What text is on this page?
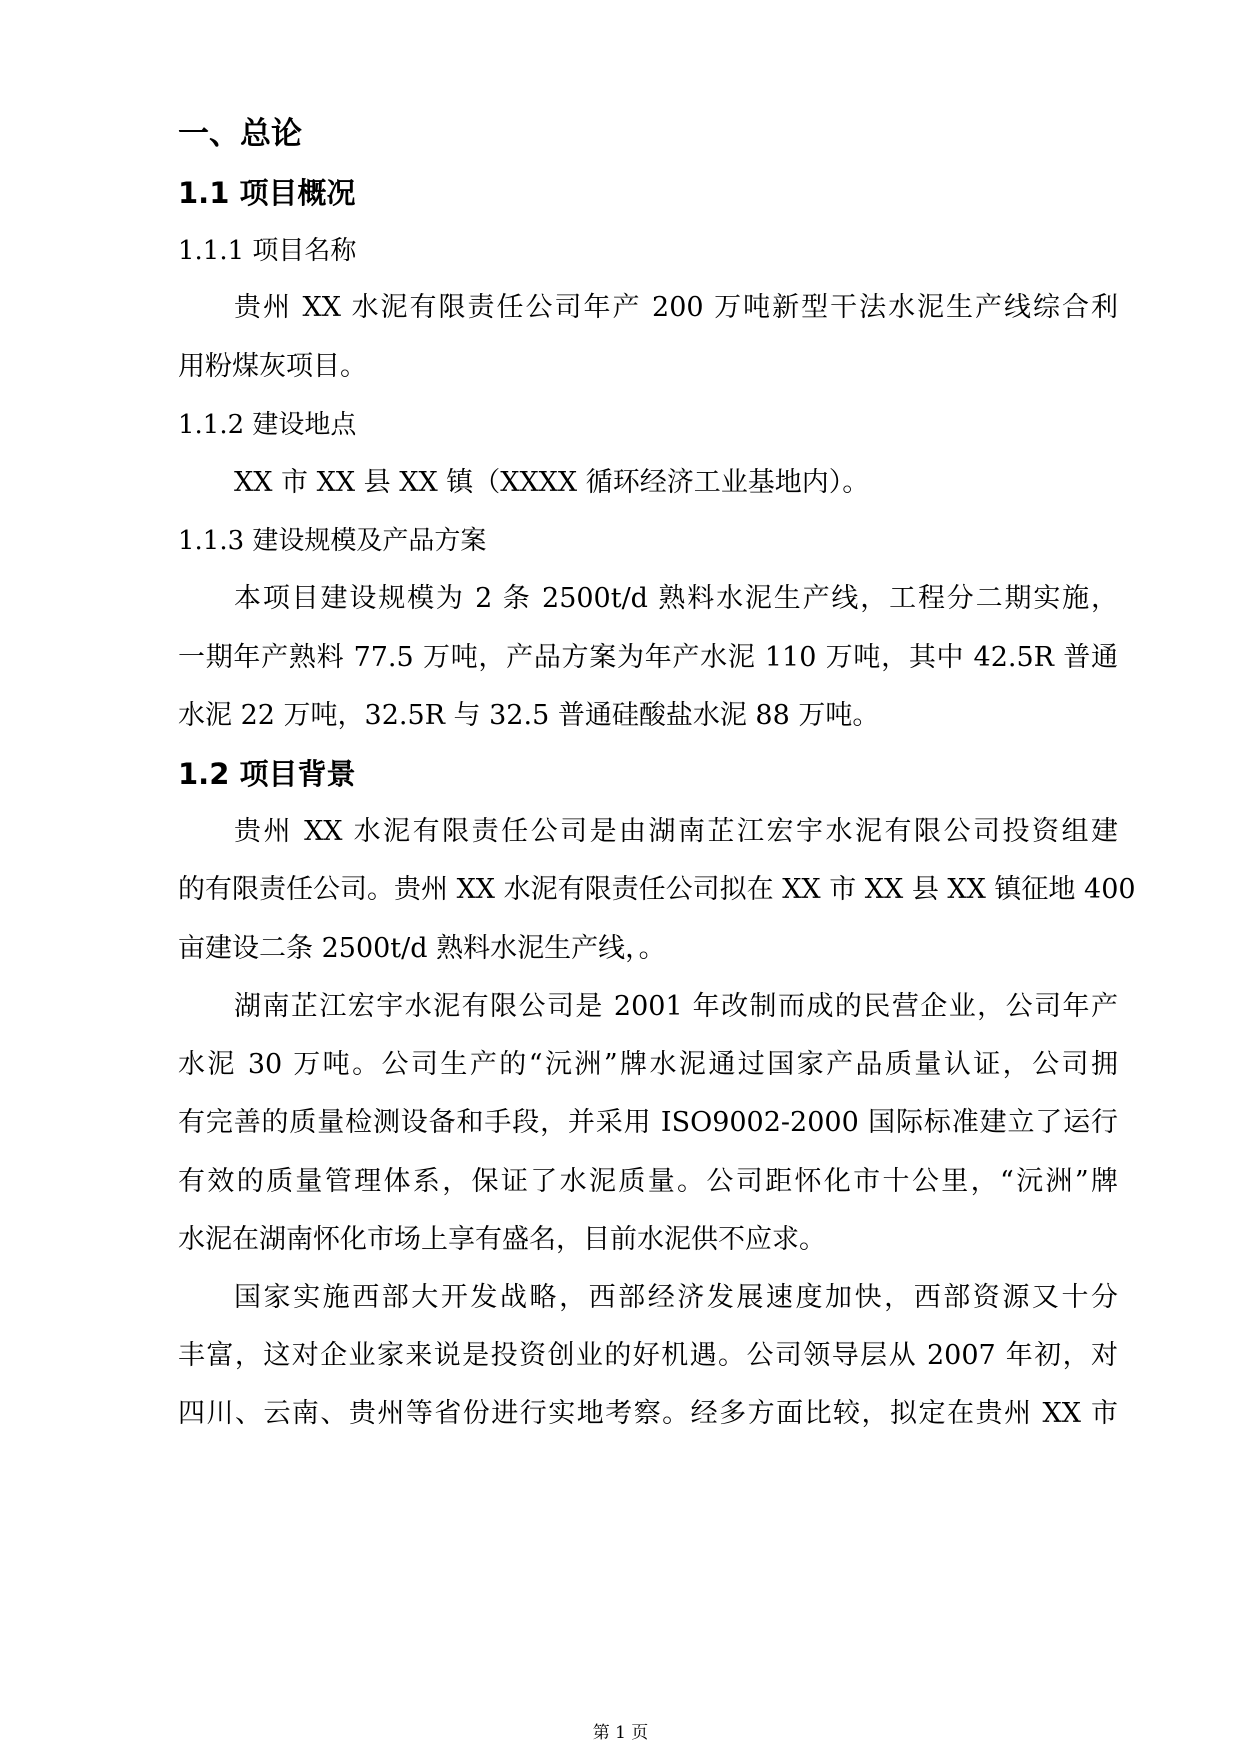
一、总论
1.1 项目概况
1.1.1 项目名称
贵州 XX 水泥有限责任公司年产 200 万吨新型干法水泥生产线综合利
用粉煤灰项目。
1.1.2 建设地点
XX 市 XX 县 XX 镇（XXXX 循环经济工业基地内）。
1.1.3 建设规模及产品方案
本项目建设规模为 2 条 2500t/d 熟料水泥生产线，工程分二期实施，
一期年产熟料 77.5 万吨，产品方案为年产水泥 110 万吨，其中 42.5R 普通
水泥 22 万吨，32.5R 与 32.5 普通硅酸盐水泥 88 万吨。
1.2 项目背景
贵州 XX 水泥有限责任公司是由湖南芷江宏宇水泥有限公司投资组建
的有限责任公司。贵州 XX 水泥有限责任公司拟在 XX 市 XX 县 XX 镇征地 400
亩建设二条 2500t/d 熟料水泥生产线，。
湖南芷江宏宇水泥有限公司是 2001 年改制而成的民营企业，公司年产
水泥 30 万吨。公司生产的“沅洲”牌水泥通过国家产品质量认证，公司拥
有完善的质量检测设备和手段，并采用 ISO9002-2000 国际标准建立了运行
有效的质量管理体系，保证了水泥质量。公司距怀化市十公里，“沅洲”牌
水泥在湖南怀化市场上享有盛名，目前水泥供不应求。
国家实施西部大开发战略，西部经济发展速度加快，西部资源又十分
丰富，这对企业家来说是投资创业的好机遇。公司领导层从 2007 年初，对
四川、云南、贵州等省份进行实地考察。经多方面比较，拟定在贵州 XX 市
第 1 页
